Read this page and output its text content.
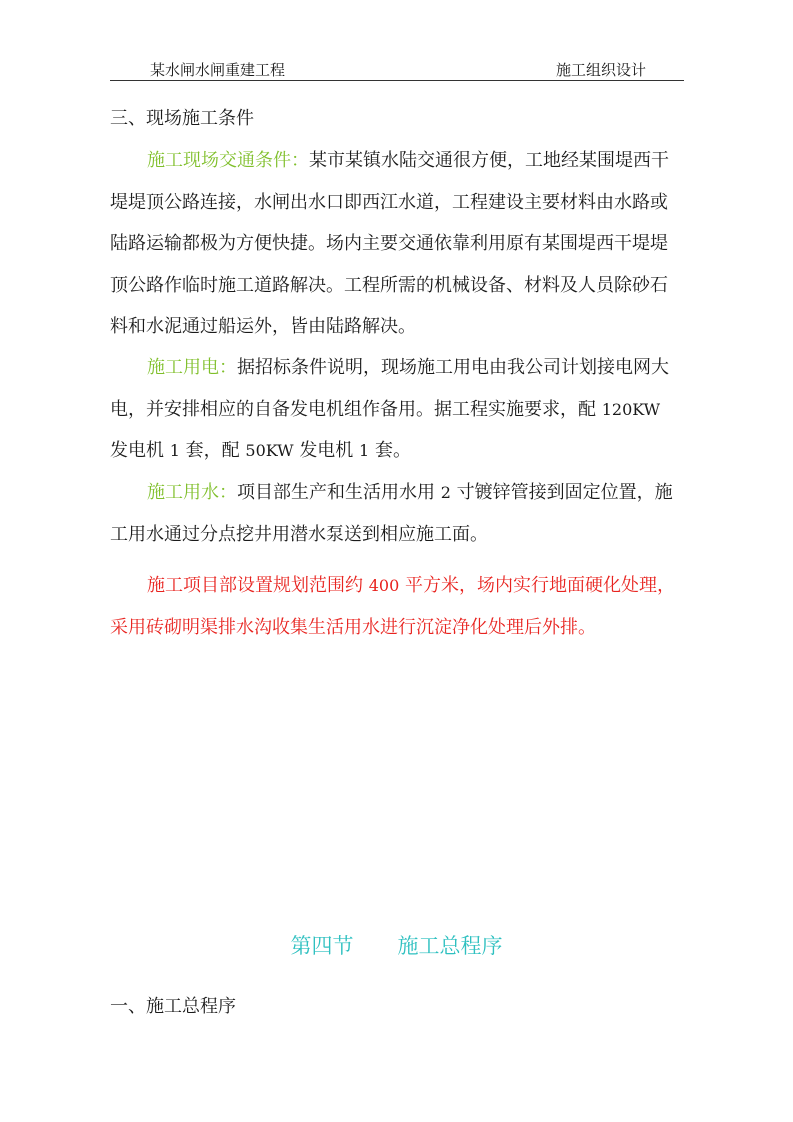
某水闸水闸重建工程	施工组织设计
三、现场施工条件
施工现场交通条件：某市某镇水陆交通很方便，工地经某围堤西干堤堤顶公路连接，水闸出水口即西江水道，工程建设主要材料由水路或陆路运输都极为方便快捷。场内主要交通依靠利用原有某围堤西干堤堤顶公路作临时施工道路解决。工程所需的机械设备、材料及人员除砂石料和水泥通过船运外，皆由陆路解决。
施工用电：据招标条件说明，现场施工用电由我公司计划接电网大电，并安排相应的自备发电机组作备用。据工程实施要求，配 120KW 发电机 1 套，配 50KW 发电机 1 套。
施工用水：项目部生产和生活用水用 2 寸镀锌管接到固定位置，施工用水通过分点挖井用潜水泵送到相应施工面。
施工项目部设置规划范围约 400 平方米，场内实行地面硬化处理，采用砖砌明渠排水沟收集生活用水进行沉淀净化处理后外排。
第四节 施工总程序
一、施工总程序
